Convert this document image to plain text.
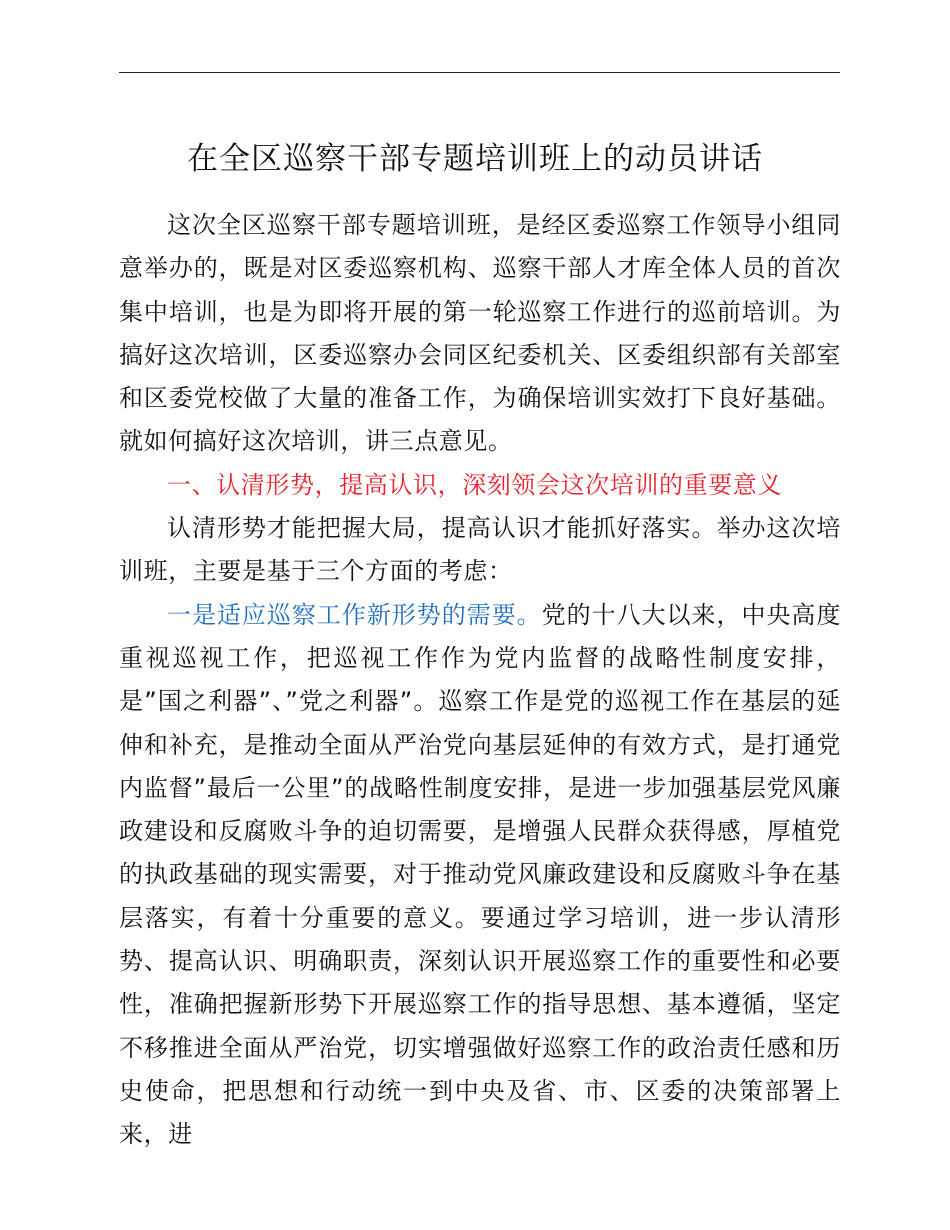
在全区巡察干部专题培训班上的动员讲话

这次全区巡察干部专题培训班，是经区委巡察工作领导小组同意举办的，既是对区委巡察机构、巡察干部人才库全体人员的首次集中培训，也是为即将开展的第一轮巡察工作进行的巡前培训。为搞好这次培训，区委巡察办会同区纪委机关、区委组织部有关部室和区委党校做了大量的准备工作，为确保培训实效打下良好基础。就如何搞好这次培训，讲三点意见。

一、认清形势，提高认识，深刻领会这次培训的重要意义

认清形势才能把握大局，提高认识才能抓好落实。举办这次培训班，主要是基于三个方面的考虑：

一是适应巡察工作新形势的需要。党的十八大以来，中央高度重视巡视工作，把巡视工作作为党内监督的战略性制度安排，是”国之利器”、”党之利器”。巡察工作是党的巡视工作在基层的延伸和补充，是推动全面从严治党向基层延伸的有效方式，是打通党内监督”最后一公里”的战略性制度安排，是进一步加强基层党风廉政建设和反腐败斗争的迫切需要，是增强人民群众获得感，厚植党的执政基础的现实需要，对于推动党风廉政建设和反腐败斗争在基层落实，有着十分重要的意义。要通过学习培训，进一步认清形势、提高认识、明确职责，深刻认识开展巡察工作的重要性和必要性，准确把握新形势下开展巡察工作的指导思想、基本遵循，坚定不移推进全面从严治党，切实增强做好巡察工作的政治责任感和历史使命，把思想和行动统一到中央及省、市、区委的决策部署上来，进
